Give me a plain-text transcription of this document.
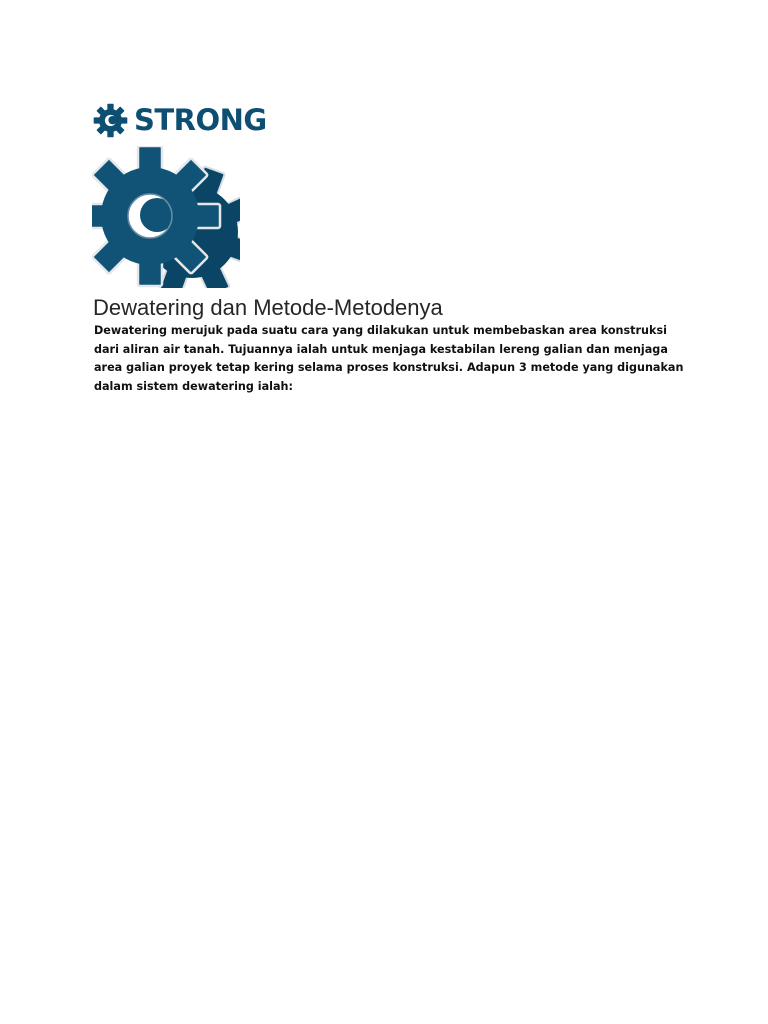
STRONG
Dewatering dan Metode-Metodenya

Dewatering merujuk pada suatu cara yang dilakukan untuk membebaskan area konstruksi dari aliran air tanah. Tujuannya ialah untuk menjaga kestabilan lereng galian dan menjaga area galian proyek tetap kering selama proses konstruksi. Adapun 3 metode yang digunakan dalam sistem dewatering ialah:
